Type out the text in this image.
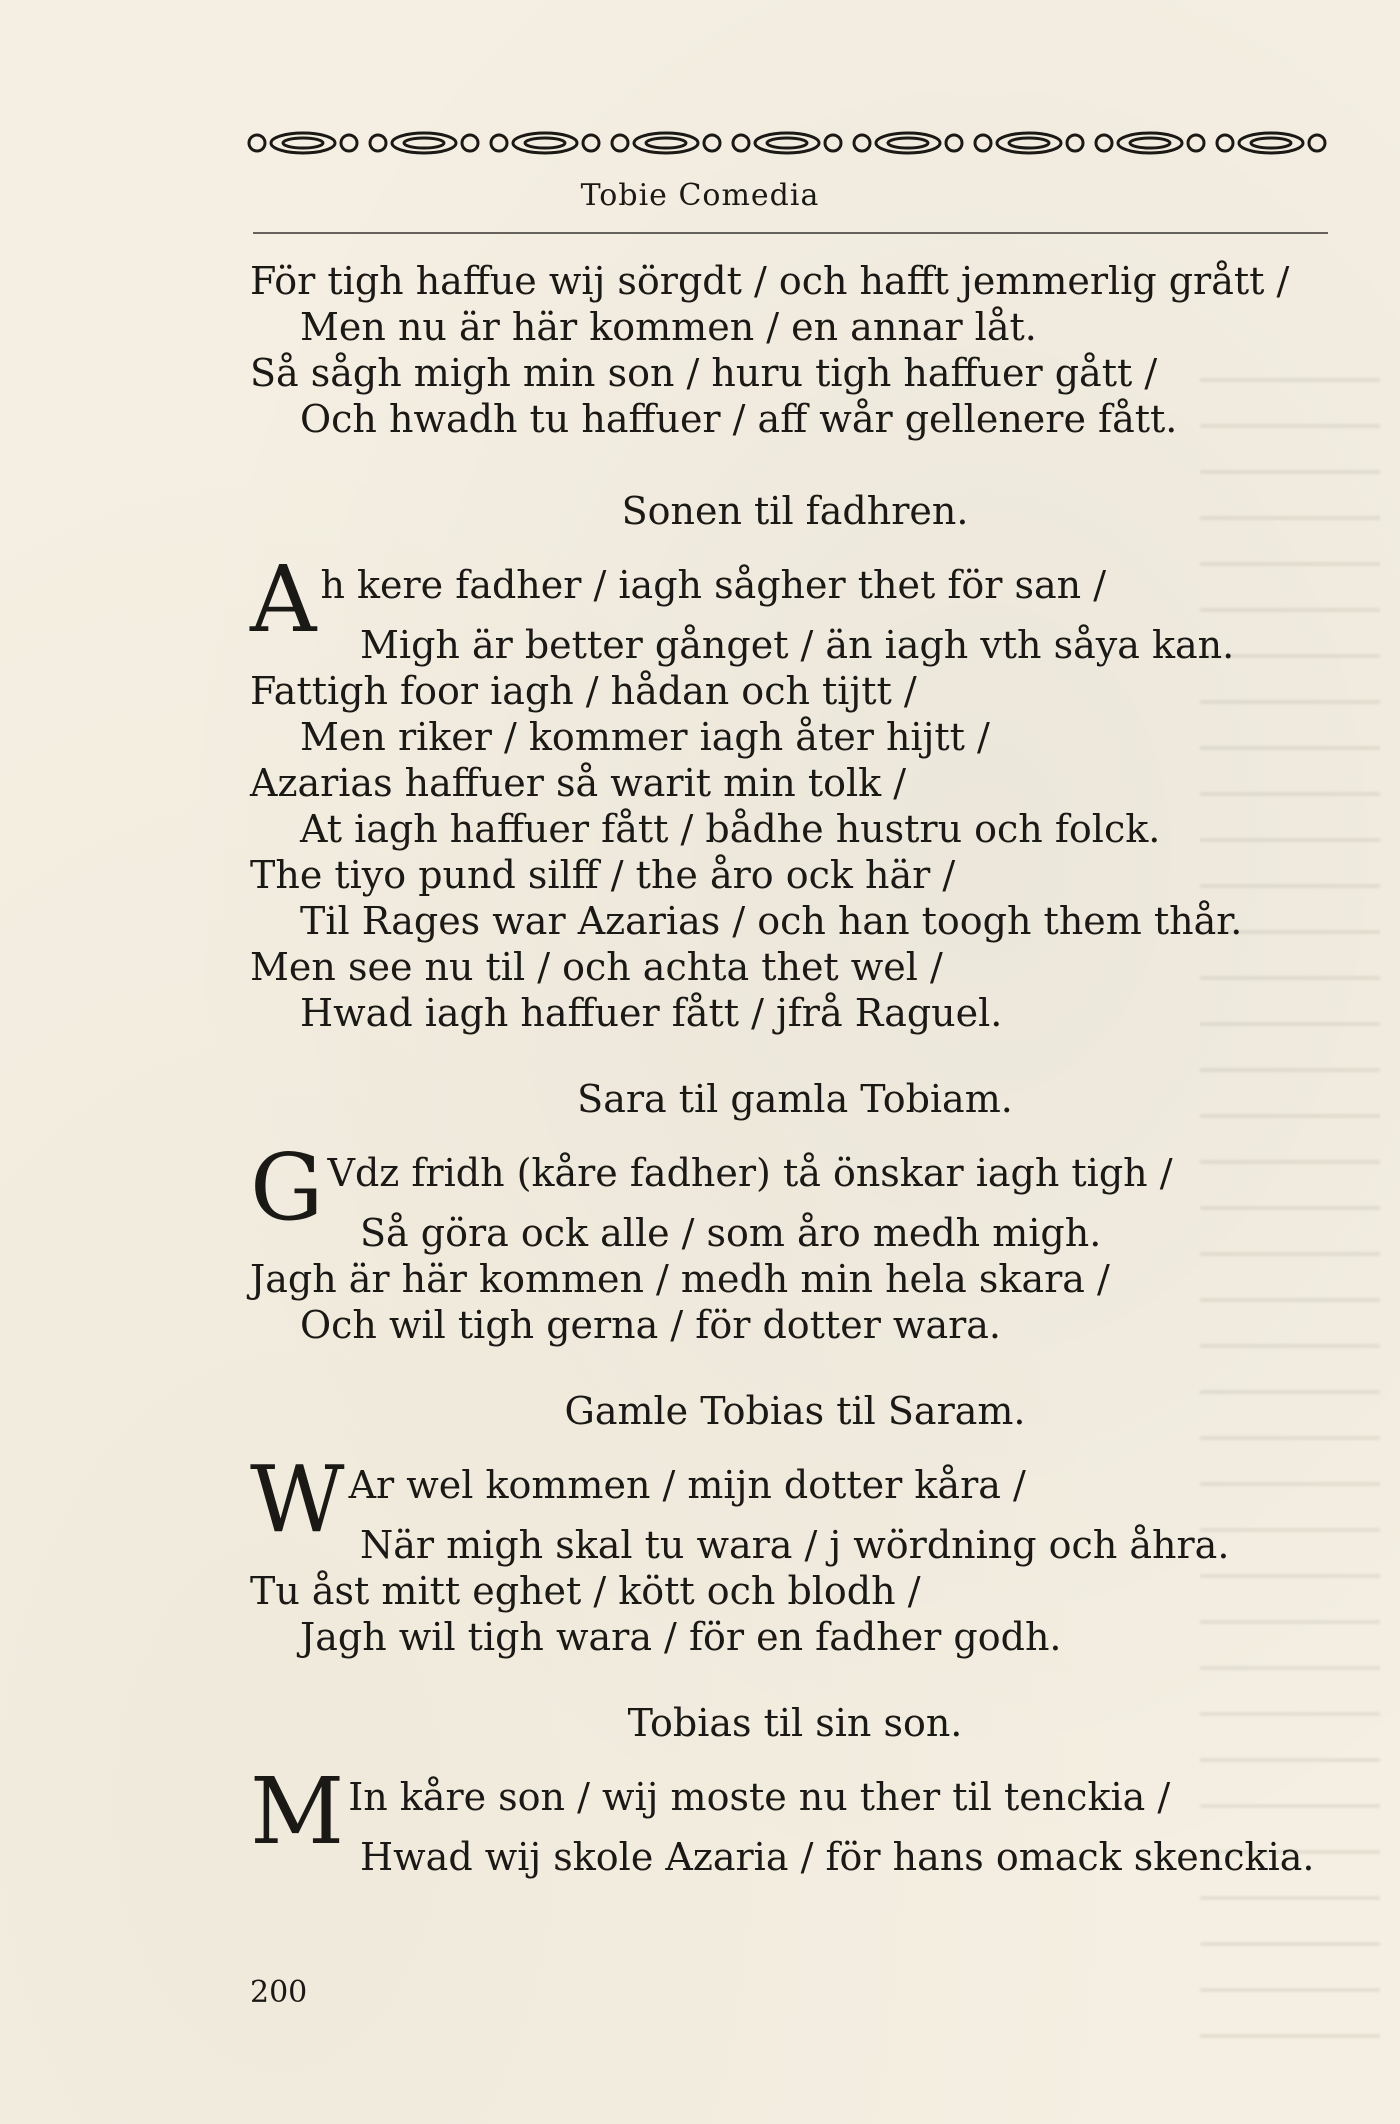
Tobie Comedia
För tigh haffue wij sörgdt / och hafft jemmerlig grått /
Men nu är här kommen / en annar låt.
Så sågh migh min son / huru tigh haffuer gått /
Och hwadh tu haffuer / aff wår gellenere fått.
Sonen til fadhren.
A h kere fadher / iagh sågher thet för san /
Migh är better gånget / än iagh vth såya kan.
Fattigh foor iagh / hådan och tijtt /
Men riker / kommer iagh åter hijtt /
Azarias haffuer så warit min tolk /
At iagh haffuer fått / bådhe hustru och folck.
The tiyo pund silff / the åro ock här /
Til Rages war Azarias / och han toogh them thår.
Men see nu til / och achta thet wel /
Hwad iagh haffuer fått / jfrå Raguel.
Sara til gamla Tobiam.
G Vdz fridh (kåre fadher) tå önskar iagh tigh /
Så göra ock alle / som åro medh migh.
Jagh är här kommen / medh min hela skara /
Och wil tigh gerna / för dotter wara.
Gamle Tobias til Saram.
W Ar wel kommen / mijn dotter kåra /
När migh skal tu wara / j wördning och åhra.
Tu åst mitt eghet / kött och blodh /
Jagh wil tigh wara / för en fadher godh.
Tobias til sin son.
M In kåre son / wij moste nu ther til tenckia /
Hwad wij skole Azaria / för hans omack skenckia.
200
